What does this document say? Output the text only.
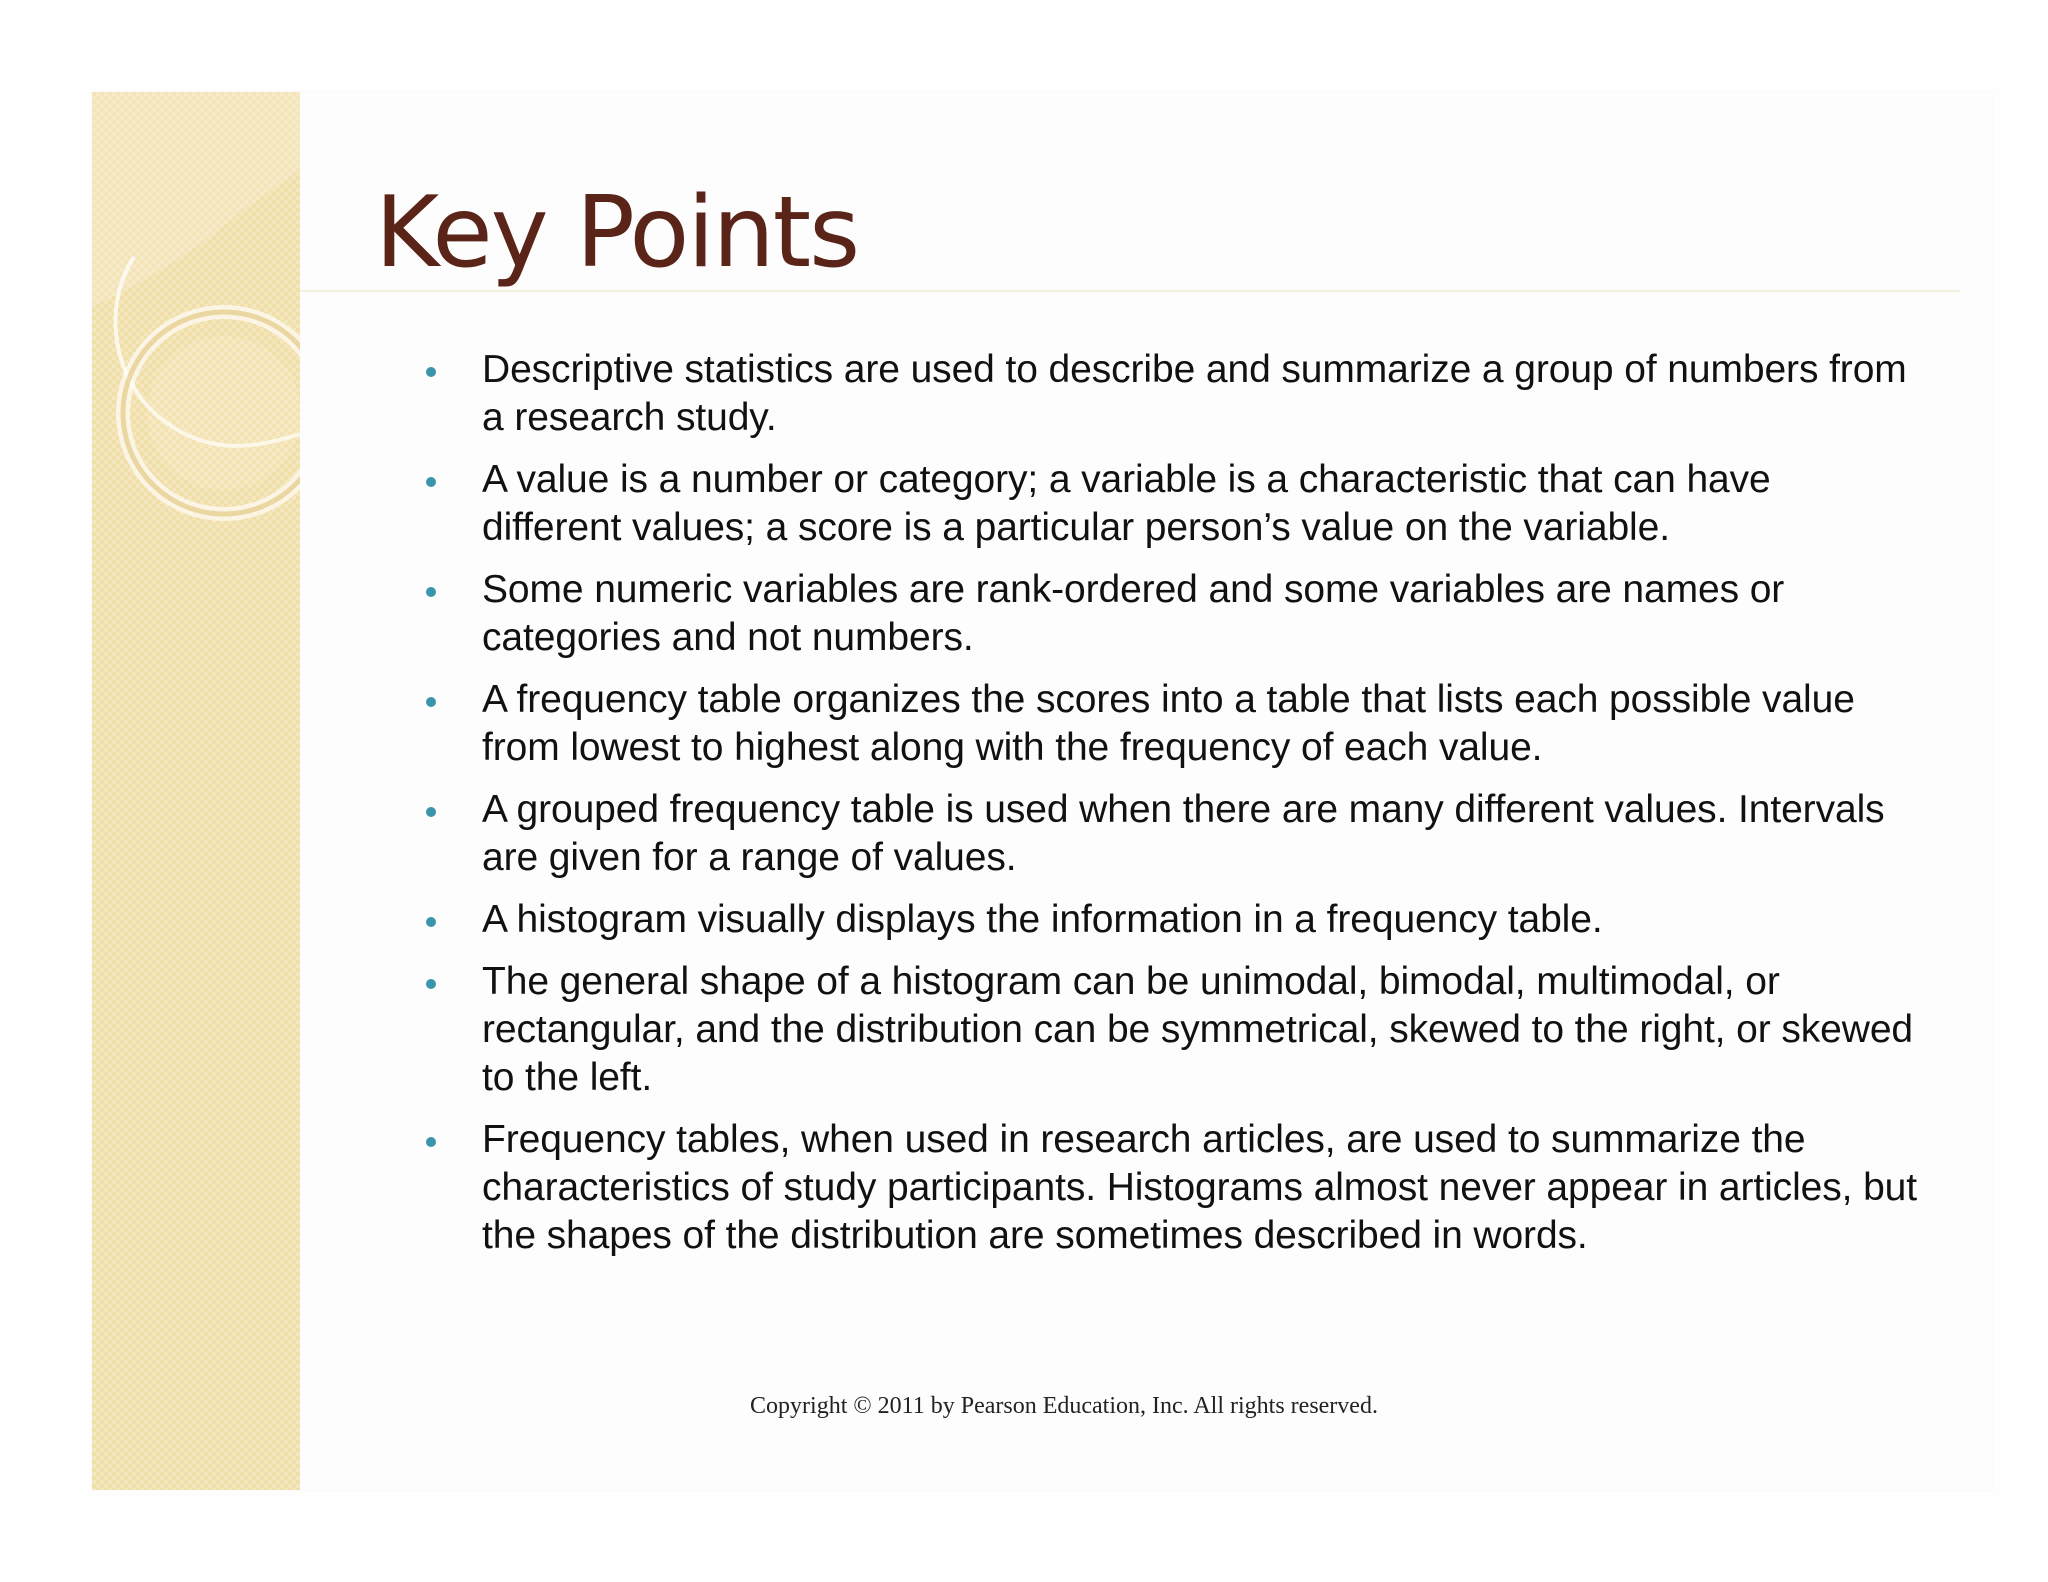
Key Points
Descriptive statistics are used to describe and summarize a group of numbers from a research study.
A value is a number or category; a variable is a characteristic that can have different values; a score is a particular person’s value on the variable.
Some numeric variables are rank-ordered and some variables are names or categories and not numbers.
A frequency table organizes the scores into a table that lists each possible value from lowest to highest along with the frequency of each value.
A grouped frequency table is used when there are many different values. Intervals are given for a range of values.
A histogram visually displays the information in a frequency table.
The general shape of a histogram can be unimodal, bimodal, multimodal, or rectangular, and the distribution can be symmetrical, skewed to the right, or skewed to the left.
Frequency tables, when used in research articles, are used to summarize the characteristics of study participants. Histograms almost never appear in articles, but the shapes of the distribution are sometimes described in words.
Copyright © 2011 by Pearson Education, Inc. All rights reserved.
